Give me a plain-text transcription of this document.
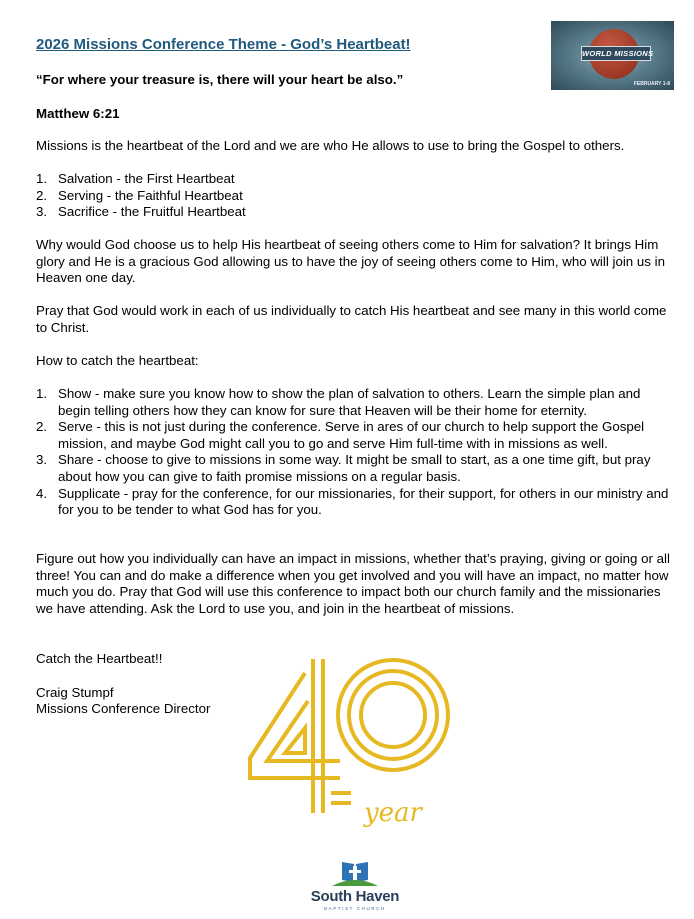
2026 Missions Conference Theme - God’s Heartbeat!
“For where your treasure is, there will your heart be also.”
Matthew 6:21
WORLD MISSIONS
FEBRUARY 1-8
Missions is the heartbeat of the Lord and we are who He allows to use to bring the Gospel to others.
1. Salvation - the First Heartbeat
2. Serving - the Faithful Heartbeat
3. Sacrifice - the Fruitful Heartbeat
Why would God choose us to help His heartbeat of seeing others come to Him for salvation? It brings Him glory and He is a gracious God allowing us to have the joy of seeing others come to Him, who will join us in Heaven one day.
Pray that God would work in each of us individually to catch His heartbeat and see many in this world come to Christ.
How to catch the heartbeat:
1. Show - make sure you know how to show the plan of salvation to others. Learn the simple plan and begin telling others how they can know for sure that Heaven will be their home for eternity.
2. Serve - this is not just during the conference. Serve in ares of our church to help support the Gospel mission, and maybe God might call you to go and serve Him full-time with in missions as well.
3. Share - choose to give to missions in some way. It might be small to start, as a one time gift, but pray about how you can give to faith promise missions on a regular basis.
4. Supplicate - pray for the conference, for our missionaries, for their support, for others in our ministry and for you to be tender to what God has for you.
Figure out how you individually can have an impact in missions, whether that’s praying, giving or going or all three! You can and do make a difference when you get involved and you will have an impact, no matter how much you do. Pray that God will use this conference to impact both our church family and the missionaries we have attending. Ask the Lord to use you, and join in the heartbeat of missions.
Catch the Heartbeat!!
Craig Stumpf
Missions Conference Director
year
South Haven
BAPTIST CHURCH
